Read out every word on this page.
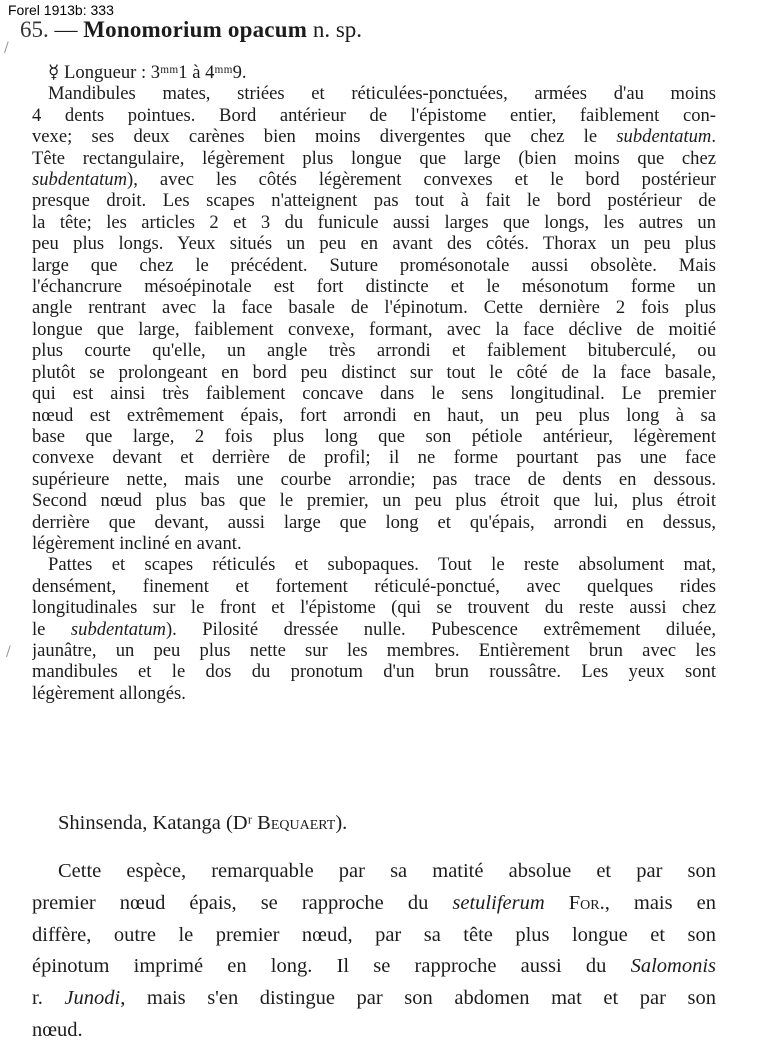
Forel 1913b: 333
/
/
65. — Monomorium opacum n. sp.
☿ Longueur : 3ᵐᵐ1 à 4ᵐᵐ9.
Mandibules mates, striées et réticulées-ponctuées, armées d'au moins
4 dents pointues. Bord antérieur de l'épistome entier, faiblement con-
vexe; ses deux carènes bien moins divergentes que chez le subdentatum.
Tête rectangulaire, légèrement plus longue que large (bien moins que chez
subdentatum), avec les côtés légèrement convexes et le bord postérieur
presque droit. Les scapes n'atteignent pas tout à fait le bord postérieur de
la tête; les articles 2 et 3 du funicule aussi larges que longs, les autres un
peu plus longs. Yeux situés un peu en avant des côtés. Thorax un peu plus
large que chez le précédent. Suture promésonotale aussi obsolète. Mais
l'échancrure mésoépinotale est fort distincte et le mésonotum forme un
angle rentrant avec la face basale de l'épinotum. Cette dernière 2 fois plus
longue que large, faiblement convexe, formant, avec la face déclive de moitié
plus courte qu'elle, un angle très arrondi et faiblement bituberculé, ou
plutôt se prolongeant en bord peu distinct sur tout le côté de la face basale,
qui est ainsi très faiblement concave dans le sens longitudinal. Le premier
nœud est extrêmement épais, fort arrondi en haut, un peu plus long à sa
base que large, 2 fois plus long que son pétiole antérieur, légèrement
convexe devant et derrière de profil; il ne forme pourtant pas une face
supérieure nette, mais une courbe arrondie; pas trace de dents en dessous.
Second nœud plus bas que le premier, un peu plus étroit que lui, plus étroit
derrière que devant, aussi large que long et qu'épais, arrondi en dessus,
légèrement incliné en avant.
Pattes et scapes réticulés et subopaques. Tout le reste absolument mat,
densément, finement et fortement réticulé-ponctué, avec quelques rides
longitudinales sur le front et l'épistome (qui se trouvent du reste aussi chez
le subdentatum). Pilosité dressée nulle. Pubescence extrêmement diluée,
jaunâtre, un peu plus nette sur les membres. Entièrement brun avec les
mandibules et le dos du pronotum d'un brun roussâtre. Les yeux sont
légèrement allongés.
Shinsenda, Katanga (Dʳ Bequaert).
Cette espèce, remarquable par sa matité absolue et par son
premier nœud épais, se rapproche du setuliferum For., mais en
diffère, outre le premier nœud, par sa tête plus longue et son
épinotum imprimé en long. Il se rapproche aussi du Salomonis
r. Junodi, mais s'en distingue par son abdomen mat et par son
nœud.
